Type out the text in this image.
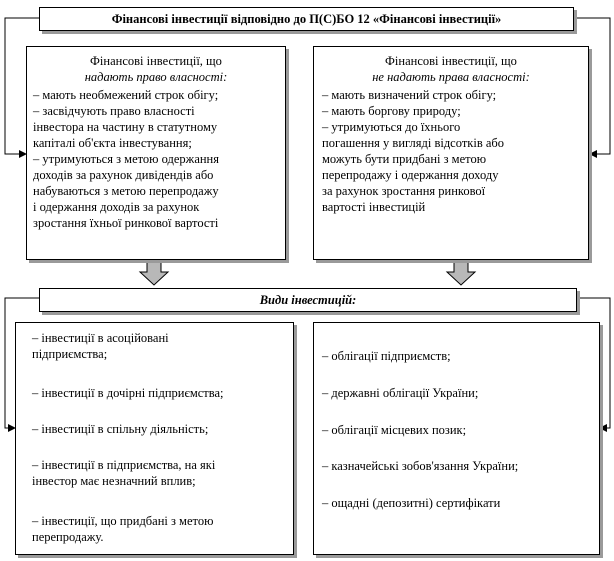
Фінансові інвестиції відповідно до П(С)БО 12 «Фінансові інвестиції»
Фінансові інвестиції, що
надають право власності:
– мають необмежений строк обігу;
– засвідчують право власності
інвестора на частину в статутному
капіталі об'єкта інвестування;
– утримуються з метою одержання
доходів за рахунок дивідендів або
набуваються з метою перепродажу
і одержання доходів за рахунок
зростання їхньої ринкової вартості
Фінансові інвестиції, що
не надають права власності:
– мають визначений строк обігу;
– мають боргову природу;
– утримуються до їхнього
погашення у вигляді відсотків або
можуть бути придбані з метою
перепродажу і одержання доходу
за рахунок зростання ринкової
вартості інвестицій
Види інвестицій:
– інвестиції в асоційовані
підприємства;
– інвестиції в дочірні підприємства;
– інвестиції в спільну діяльність;
– інвестиції в підприємства, на які
інвестор має незначний вплив;
– інвестиції, що придбані з метою
перепродажу.
– облігації підприємств;
– державні облігації України;
– облігації місцевих позик;
– казначейські зобов'язання України;
– ощадні (депозитні) сертифікати
